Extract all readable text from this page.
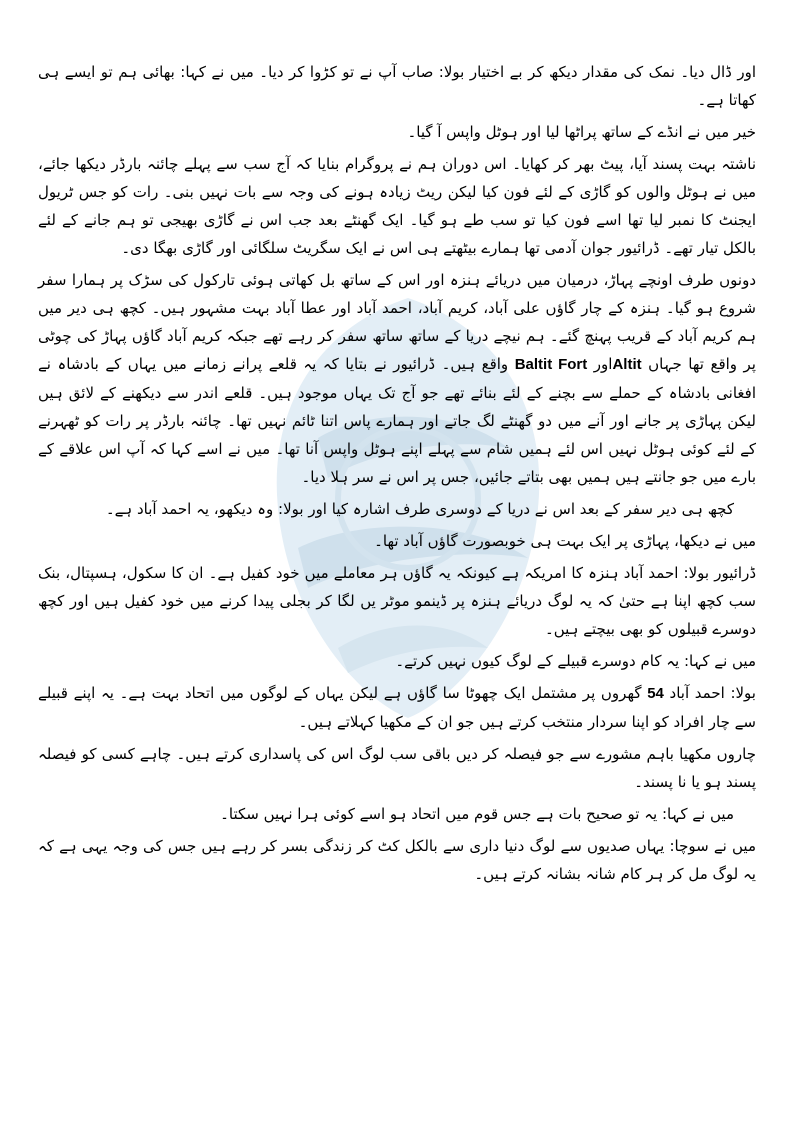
اور ڈال دیا۔ نمک کی مقدار دیکھ کر بے اختیار بولا: صاب آپ نے تو کڑوا کر دیا۔ میں نے کہا: بھائی ہم تو ایسے ہی کھاتا ہے۔

خیر میں نے انڈے کے ساتھ پراٹھا لیا اور ہوٹل واپس آ گیا۔

ناشتہ بہت پسند آیا، پیٹ بھر کر کھایا۔ اس دوران ہم نے پروگرام بنایا کہ آج سب سے پہلے چائنہ بارڈر دیکھا جائے، میں نے ہوٹل والوں کو گاڑی کے لئے فون کیا لیکن ریٹ زیادہ ہونے کی وجہ سے بات نہیں بنی۔ رات کو جس ٹریول ایجنٹ کا نمبر لیا تھا اسے فون کیا تو سب طے ہو گیا۔ ایک گھنٹے بعد جب اس نے گاڑی بھیجی تو ہم جانے کے لئے بالکل تیار تھے۔ ڈرائیور جوان آدمی تھا ہمارے بیٹھتے ہی اس نے ایک سگریٹ سلگائی اور گاڑی بھگا دی۔

دونوں طرف اونچے پہاڑ، درمیان میں دریائے ہنزہ اور اس کے ساتھ بل کھاتی ہوئی تارکول کی سڑک پر ہمارا سفر شروع ہو گیا۔ ہنزہ کے چار گاؤں علی آباد، کریم آباد، احمد آباد اور عطا آباد بہت مشہور ہیں۔ کچھ ہی دیر میں ہم کریم آباد کے قریب پہنچ گئے۔ ہم نیچے دریا کے ساتھ ساتھ سفر کر رہے تھے جبکہ کریم آباد گاؤں پہاڑ کی چوٹی پر واقع تھا جہاں Altitاور Baltit Fort واقع ہیں۔ ڈرائیور نے بتایا کہ یہ قلعے پرانے زمانے میں یہاں کے بادشاہ نے افغانی بادشاہ کے حملے سے بچنے کے لئے بنائے تھے جو آج تک یہاں موجود ہیں۔ قلعے اندر سے دیکھنے کے لائق ہیں لیکن پہاڑی پر جانے اور آنے میں دو گھنٹے لگ جاتے اور ہمارے پاس اتنا ٹائم نہیں تھا۔ چائنہ بارڈر پر رات کو ٹھہرنے کے لئے کوئی ہوٹل نہیں اس لئے ہمیں شام سے پہلے اپنے ہوٹل واپس آنا تھا۔ میں نے اسے کہا کہ آپ اس علاقے کے بارے میں جو جانتے ہیں ہمیں بھی بتاتے جائیں، جس پر اس نے سر ہلا دیا۔

کچھ ہی دیر سفر کے بعد اس نے دریا کے دوسری طرف اشارہ کیا اور بولا: وہ دیکھو، یہ احمد آباد ہے۔

میں نے دیکھا، پہاڑی پر ایک بہت ہی خوبصورت گاؤں آباد تھا۔

ڈرائیور بولا: احمد آباد ہنزہ کا امریکہ ہے کیونکہ یہ گاؤں ہر معاملے میں خود کفیل ہے۔ ان کا سکول، ہسپتال، بنک سب کچھ اپنا ہے حتیٰ کہ یہ لوگ دریائے ہنزہ پر ڈینمو موٹر یں لگا کر بجلی پیدا کرنے میں خود کفیل ہیں اور کچھ دوسرے قبیلوں کو بھی بیچتے ہیں۔

میں نے کہا: یہ کام دوسرے قبیلے کے لوگ کیوں نہیں کرتے۔

بولا: احمد آباد 54 گھروں پر مشتمل ایک چھوٹا سا گاؤں ہے لیکن یہاں کے لوگوں میں اتحاد بہت ہے۔ یہ اپنے قبیلے سے چار افراد کو اپنا سردار منتخب کرتے ہیں جو ان کے مکھیا کہلاتے ہیں۔

چاروں مکھیا باہم مشورے سے جو فیصلہ کر دیں باقی سب لوگ اس کی پاسداری کرتے ہیں۔ چاہے کسی کو فیصلہ پسند ہو یا نا پسند۔

میں نے کہا: یہ تو صحیح بات ہے جس قوم میں اتحاد ہو اسے کوئی ہرا نہیں سکتا۔

میں نے سوچا: یہاں صدیوں سے لوگ دنیا داری سے بالکل کٹ کر زندگی بسر کر رہے ہیں جس کی وجہ یہی ہے کہ یہ لوگ مل کر ہر کام شانہ بشانہ کرتے ہیں۔
